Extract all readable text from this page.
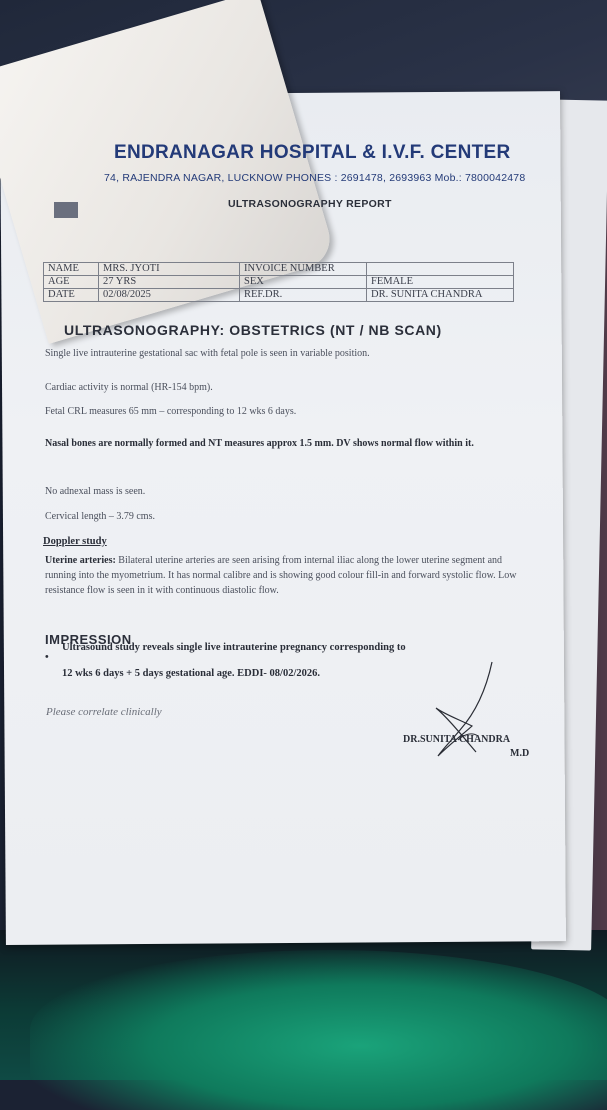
ENDRANAGAR HOSPITAL & I.V.F. CENTER
74, RAJENDRA NAGAR, LUCKNOW PHONES : 2691478, 2693963 Mob.: 7800042478
ULTRASONOGRAPHY REPORT
NAME	MRS. JYOTI	INVOICE NUMBER	
AGE	27 YRS	SEX	FEMALE
DATE	02/08/2025	REF.DR.	DR. SUNITA CHANDRA
ULTRASONOGRAPHY: OBSTETRICS (NT / NB SCAN)

Single live intrauterine gestational sac with fetal pole is seen in variable position.
Cardiac activity is normal (HR-154 bpm).
Fetal CRL measures 65 mm – corresponding to 12 wks 6 days.
Nasal bones are normally formed and NT measures approx 1.5 mm. DV shows normal flow within it.
No adnexal mass is seen.
Cervical length – 3.79 cms.
Doppler study
Uterine arteries: Bilateral uterine arteries are seen arising from internal iliac along the lower uterine segment and running into the myometrium. It has normal calibre and is showing good colour fill-in and forward systolic flow. Low resistance flow is seen in it with continuous diastolic flow.
IMPRESSION
•
Ultrasound study reveals single live intrauterine pregnancy corresponding to
12 wks 6 days + 5 days gestational age. EDDI- 08/02/2026.
Please correlate clinically
DR.SUNITA CHANDRA
M.D
